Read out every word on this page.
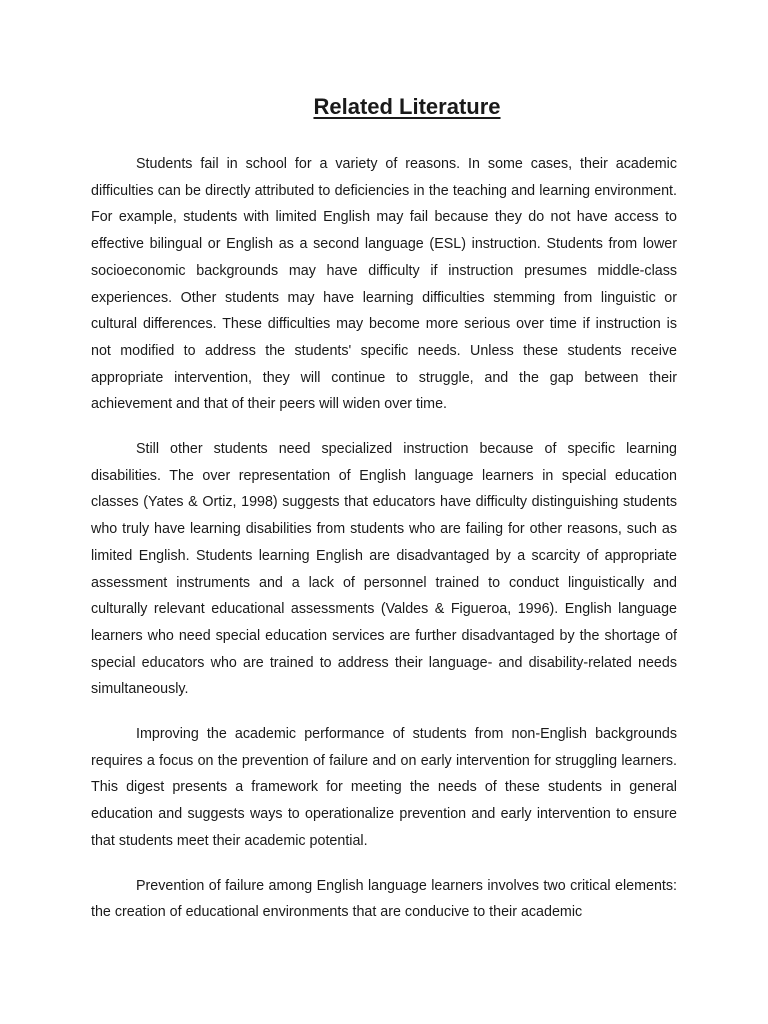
Related Literature

Students fail in school for a variety of reasons. In some cases, their academic difficulties can be directly attributed to deficiencies in the teaching and learning environment. For example, students with limited English may fail because they do not have access to effective bilingual or English as a second language (ESL) instruction. Students from lower socioeconomic backgrounds may have difficulty if instruction presumes middle-class experiences. Other students may have learning difficulties stemming from linguistic or cultural differences. These difficulties may become more serious over time if instruction is not modified to address the students' specific needs. Unless these students receive appropriate intervention, they will continue to struggle, and the gap between their achievement and that of their peers will widen over time.

Still other students need specialized instruction because of specific learning disabilities. The over representation of English language learners in special education classes (Yates & Ortiz, 1998) suggests that educators have difficulty distinguishing students who truly have learning disabilities from students who are failing for other reasons, such as limited English. Students learning English are disadvantaged by a scarcity of appropriate assessment instruments and a lack of personnel trained to conduct linguistically and culturally relevant educational assessments (Valdes & Figueroa, 1996). English language learners who need special education services are further disadvantaged by the shortage of special educators who are trained to address their language- and disability-related needs simultaneously.

Improving the academic performance of students from non-English backgrounds requires a focus on the prevention of failure and on early intervention for struggling learners. This digest presents a framework for meeting the needs of these students in general education and suggests ways to operationalize prevention and early intervention to ensure that students meet their academic potential.

Prevention of failure among English language learners involves two critical elements: the creation of educational environments that are conducive to their academic
